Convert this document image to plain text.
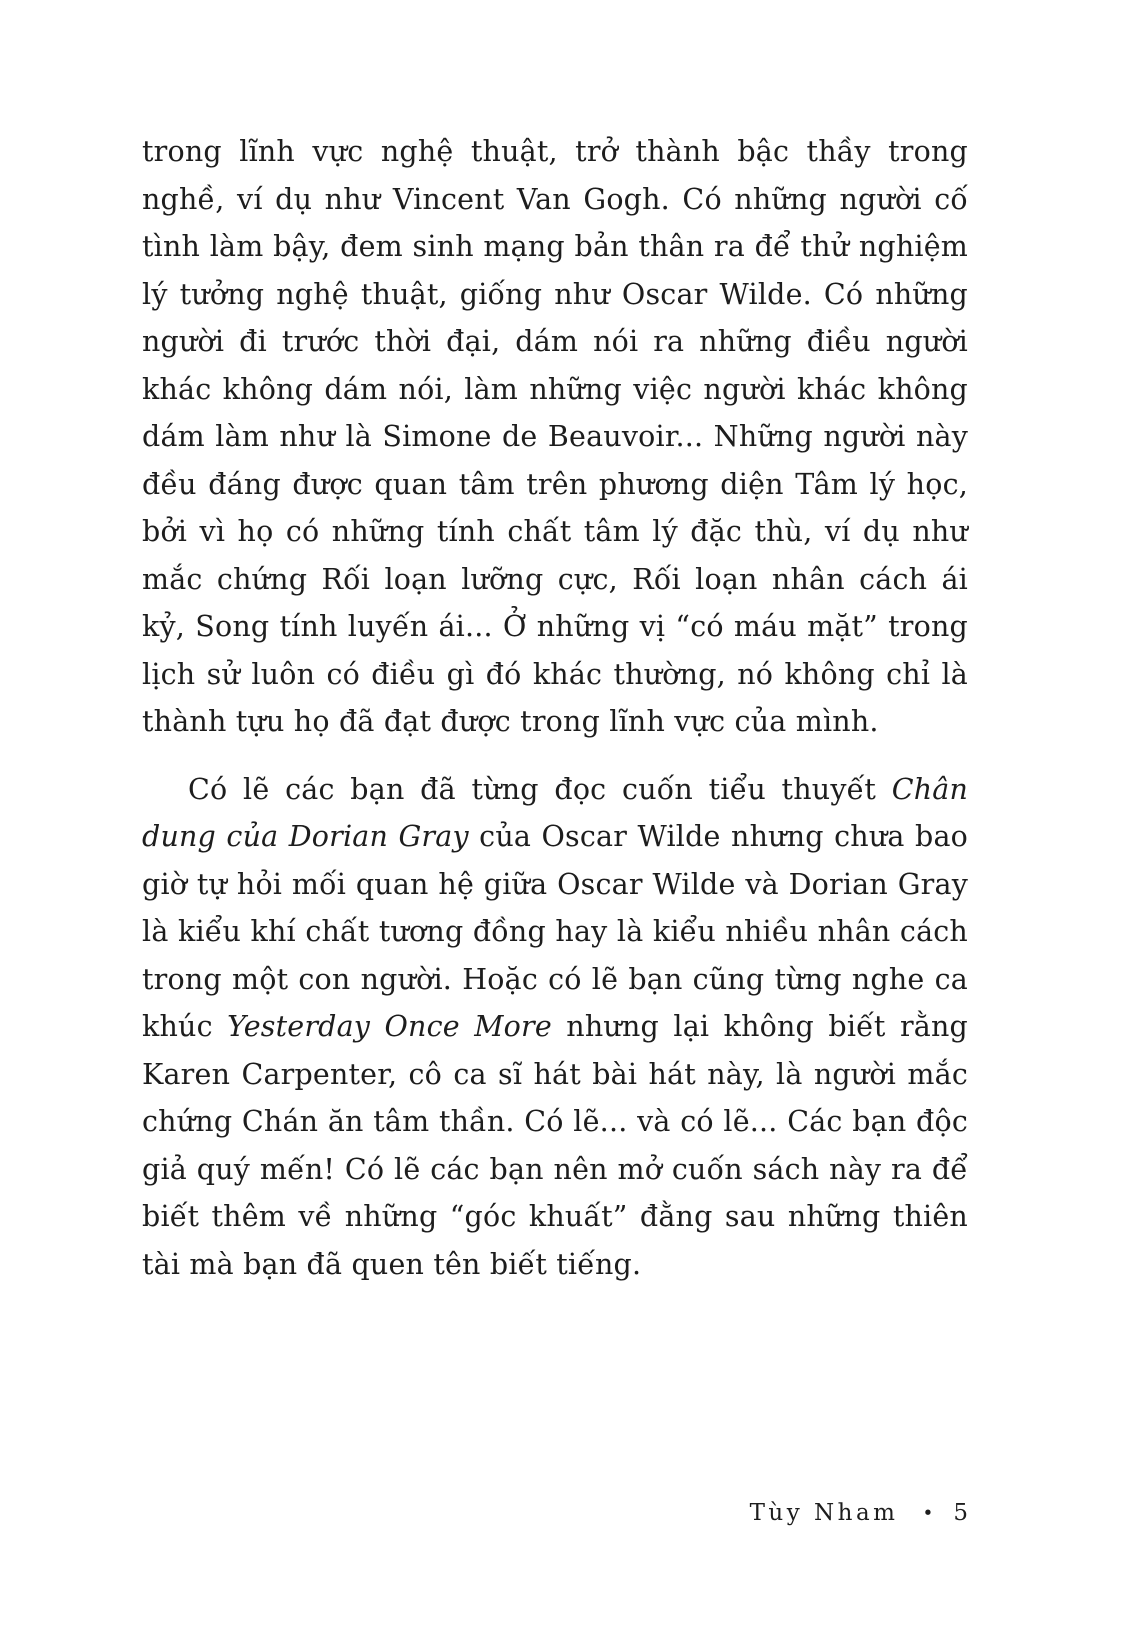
trong lĩnh vực nghệ thuật, trở thành bậc thầy trong nghề, ví dụ như Vincent Van Gogh. Có những người cố tình làm bậy, đem sinh mạng bản thân ra để thử nghiệm lý tưởng nghệ thuật, giống như Oscar Wilde. Có những người đi trước thời đại, dám nói ra những điều người khác không dám nói, làm những việc người khác không dám làm như là Simone de Beauvoir... Những người này đều đáng được quan tâm trên phương diện Tâm lý học, bởi vì họ có những tính chất tâm lý đặc thù, ví dụ như mắc chứng Rối loạn lưỡng cực, Rối loạn nhân cách ái kỷ, Song tính luyến ái... Ở những vị “có máu mặt” trong lịch sử luôn có điều gì đó khác thường, nó không chỉ là thành tựu họ đã đạt được trong lĩnh vực của mình.

Có lẽ các bạn đã từng đọc cuốn tiểu thuyết Chân dung của Dorian Gray của Oscar Wilde nhưng chưa bao giờ tự hỏi mối quan hệ giữa Oscar Wilde và Dorian Gray là kiểu khí chất tương đồng hay là kiểu nhiều nhân cách trong một con người. Hoặc có lẽ bạn cũng từng nghe ca khúc Yesterday Once More nhưng lại không biết rằng Karen Carpenter, cô ca sĩ hát bài hát này, là người mắc chứng Chán ăn tâm thần. Có lẽ... và có lẽ... Các bạn độc giả quý mến! Có lẽ các bạn nên mở cuốn sách này ra để biết thêm về những “góc khuất” đằng sau những thiên tài mà bạn đã quen tên biết tiếng.

Tùy Nham • 5
